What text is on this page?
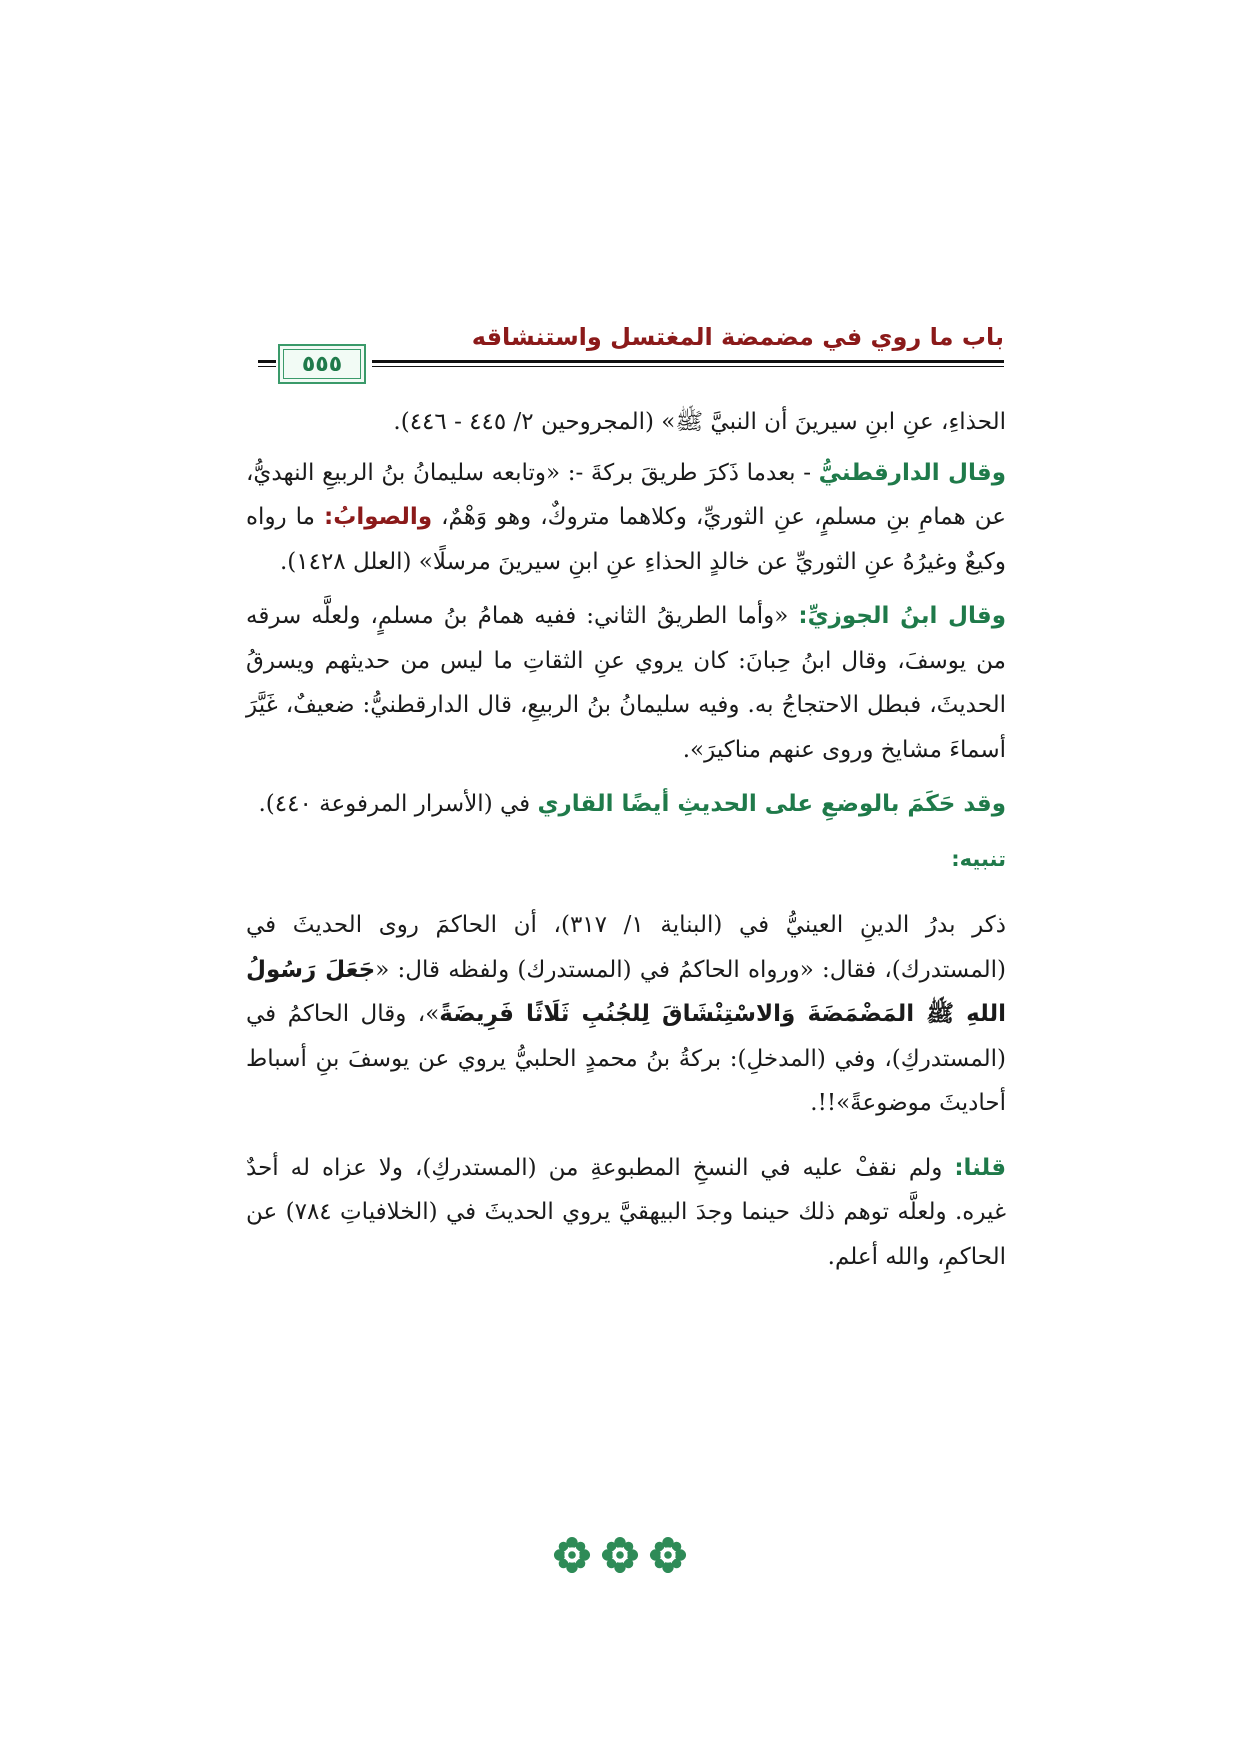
باب ما روي في مضمضة المغتسل واستنشاقه
٥٥٥

الحذاءِ، عنِ ابنِ سيرينَ أن النبيَّ ﷺ» (المجروحين ٢/ ٤٤٥ - ٤٤٦).

وقال الدارقطنيُّ - بعدما ذَكرَ طريقَ بركةَ -: «وتابعه سليمانُ بنُ الربيعِ النهديُّ، عن همامِ بنِ مسلمٍ، عنِ الثوريِّ، وكلاهما متروكٌ، وهو وَهْمٌ، والصوابُ: ما رواه وكيعٌ وغيرُهُ عنِ الثوريِّ عن خالدٍ الحذاءِ عنِ ابنِ سيرينَ مرسلًا» (العلل ١٤٢٨).

وقال ابنُ الجوزيِّ: «وأما الطريقُ الثاني: ففيه همامُ بنُ مسلمٍ، ولعلَّه سرقه من يوسفَ، وقال ابنُ حِبانَ: كان يروي عنِ الثقاتِ ما ليس من حديثهم ويسرقُ الحديثَ، فبطل الاحتجاجُ به. وفيه سليمانُ بنُ الربيعِ، قال الدارقطنيُّ: ضعيفٌ، غَيَّرَ أسماءَ مشايخ وروى عنهم مناكيرَ».

وقد حَكَمَ بالوضعِ على الحديثِ أيضًا القاري في (الأسرار المرفوعة ٤٤٠).

تنبيه:

ذكر بدرُ الدينِ العينيُّ في (البناية ١/ ٣١٧)، أن الحاكمَ روى الحديثَ في (المستدرك)، فقال: «ورواه الحاكمُ في (المستدرك) ولفظه قال: «جَعَلَ رَسُولُ اللهِ ﷺ المَضْمَضَةَ وَالاسْتِنْشَاقَ لِلجُنُبِ ثَلَاثًا فَرِيضَةً»، وقال الحاكمُ في (المستدركِ)، وفي (المدخلِ): بركةُ بنُ محمدٍ الحلبيُّ يروي عن يوسفَ بنِ أسباط أحاديثَ موضوعةً»!!.

قلنا: ولم نقفْ عليه في النسخِ المطبوعةِ من (المستدركِ)، ولا عزاه له أحدٌ غيره. ولعلَّه توهم ذلك حينما وجدَ البيهقيَّ يروي الحديثَ في (الخلافياتِ ٧٨٤) عن الحاكمِ، والله أعلم.
